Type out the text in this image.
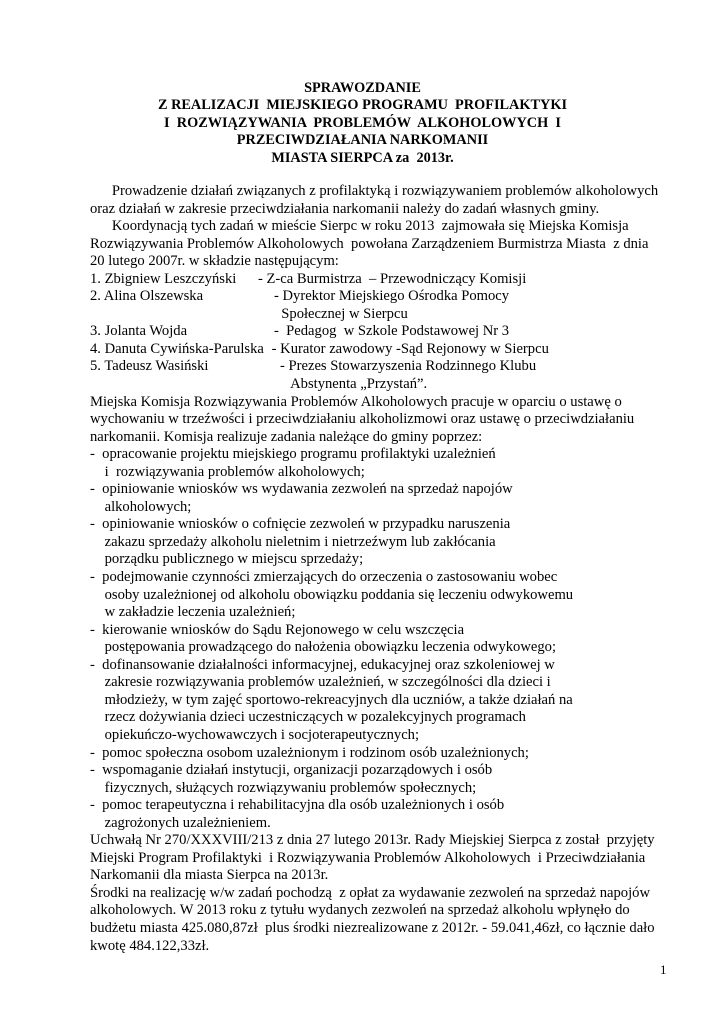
SPRAWOZDANIE
Z REALIZACJI  MIEJSKIEGO PROGRAMU  PROFILAKTYKI
I  ROZWIĄZYWANIA  PROBLEMÓW  ALKOHOLOWYCH  I
PRZECIWDZIAŁANIA NARKOMANII
MIASTA SIERPCA za  2013r.
Prowadzenie działań związanych z profilaktyką i rozwiązywaniem problemów alkoholowych
oraz działań w zakresie przeciwdziałania narkomanii należy do zadań własnych gminy.
Koordynacją tych zadań w mieście Sierpc w roku 2013  zajmowała się Miejska Komisja
Rozwiązywania Problemów Alkoholowych  powołana Zarządzeniem Burmistrza Miasta  z dnia
20 lutego 2007r. w składzie następującym:
1. Zbigniew Leszczyński - Z-ca Burmistrza  – Przewodniczący Komisji
2. Alina Olszewska	- Dyrektor Miejskiego Ośrodka Pomocy
Społecznej w Sierpcu
3. Jolanta Wojda	-  Pedagog  w Szkole Podstawowej Nr 3
4. Danuta Cywińska-Parulska - Kurator zawodowy -Sąd Rejonowy w Sierpcu
5. Tadeusz Wasiński	- Prezes Stowarzyszenia Rodzinnego Klubu
Abstynenta „Przystań”.
Miejska Komisja Rozwiązywania Problemów Alkoholowych pracuje w oparciu o ustawę o
wychowaniu w trzeźwości i przeciwdziałaniu alkoholizmowi oraz ustawę o przeciwdziałaniu
narkomanii. Komisja realizuje zadania należące do gminy poprzez:
-  opracowanie projektu miejskiego programu profilaktyki uzależnień
i  rozwiązywania problemów alkoholowych;
-  opiniowanie wniosków ws wydawania zezwoleń na sprzedaż napojów
alkoholowych;
-  opiniowanie wniosków o cofnięcie zezwoleń w przypadku naruszenia
zakazu sprzedaży alkoholu nieletnim i nietrzeźwym lub zakłócania
porządku publicznego w miejscu sprzedaży;
-  podejmowanie czynności zmierzających do orzeczenia o zastosowaniu wobec
osoby uzależnionej od alkoholu obowiązku poddania się leczeniu odwykowemu
w zakładzie leczenia uzależnień;
-  kierowanie wniosków do Sądu Rejonowego w celu wszczęcia
postępowania prowadzącego do nałożenia obowiązku leczenia odwykowego;
-  dofinansowanie działalności informacyjnej, edukacyjnej oraz szkoleniowej w
zakresie rozwiązywania problemów uzależnień, w szczególności dla dzieci i
młodzieży, w tym zajęć sportowo-rekreacyjnych dla uczniów, a także działań na
rzecz dożywiania dzieci uczestniczących w pozalekcyjnych programach
opiekuńczo-wychowawczych i socjoterapeutycznych;
-  pomoc społeczna osobom uzależnionym i rodzinom osób uzależnionych;
-  wspomaganie działań instytucji, organizacji pozarządowych i osób
fizycznych, służących rozwiązywaniu problemów społecznych;
-  pomoc terapeutyczna i rehabilitacyjna dla osób uzależnionych i osób
zagrożonych uzależnieniem.
Uchwałą Nr 270/XXXVIII/213 z dnia 27 lutego 2013r. Rady Miejskiej Sierpca z został  przyjęty
Miejski Program Profilaktyki  i Rozwiązywania Problemów Alkoholowych  i Przeciwdziałania
Narkomanii dla miasta Sierpca na 2013r.
Środki na realizację w/w zadań pochodzą  z opłat za wydawanie zezwoleń na sprzedaż napojów
alkoholowych. W 2013 roku z tytułu wydanych zezwoleń na sprzedaż alkoholu wpłynęło do
budżetu miasta 425.080,87zł  plus środki niezrealizowane z 2012r. - 59.041,46zł, co łącznie dało
kwotę 484.122,33zł.
1
